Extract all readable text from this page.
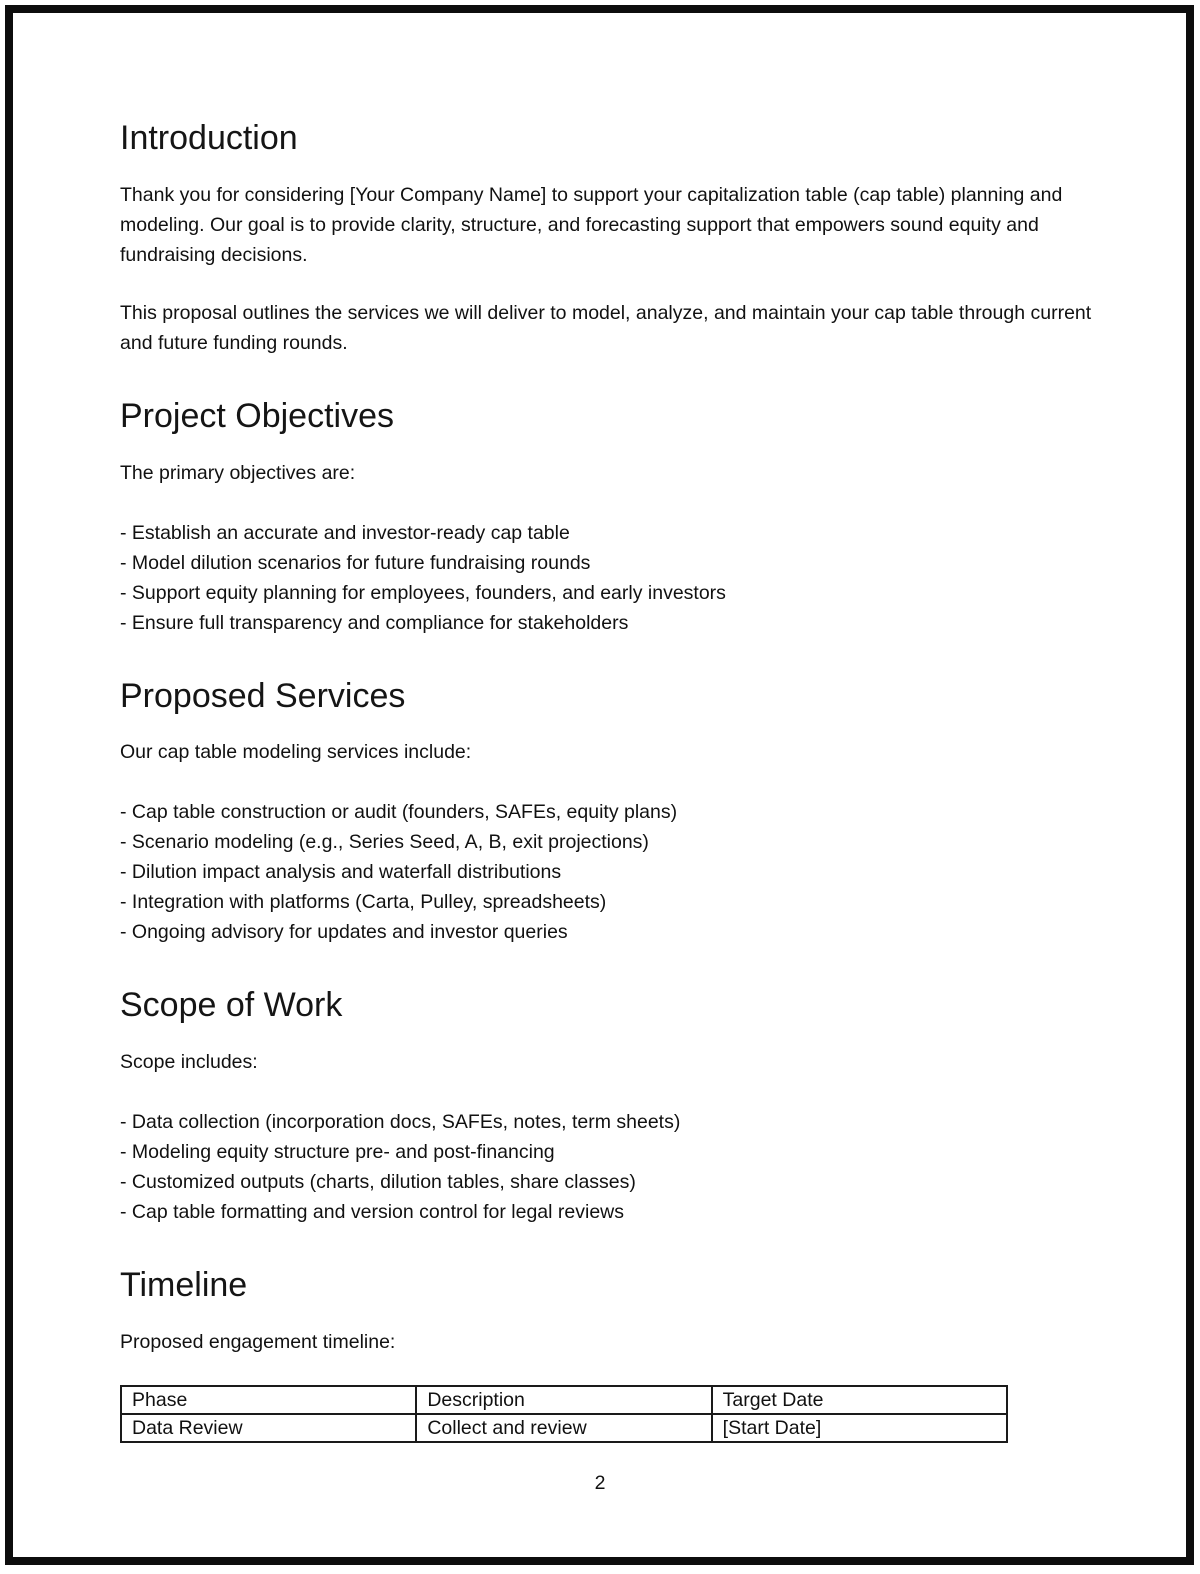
Introduction

Thank you for considering [Your Company Name] to support your capitalization table (cap table) planning and modeling. Our goal is to provide clarity, structure, and forecasting support that empowers sound equity and fundraising decisions.

This proposal outlines the services we will deliver to model, analyze, and maintain your cap table through current and future funding rounds.

Project Objectives

The primary objectives are:

- Establish an accurate and investor-ready cap table
- Model dilution scenarios for future fundraising rounds
- Support equity planning for employees, founders, and early investors
- Ensure full transparency and compliance for stakeholders
Proposed Services

Our cap table modeling services include:

- Cap table construction or audit (founders, SAFEs, equity plans)
- Scenario modeling (e.g., Series Seed, A, B, exit projections)
- Dilution impact analysis and waterfall distributions
- Integration with platforms (Carta, Pulley, spreadsheets)
- Ongoing advisory for updates and investor queries
Scope of Work

Scope includes:

- Data collection (incorporation docs, SAFEs, notes, term sheets)
- Modeling equity structure pre- and post-financing
- Customized outputs (charts, dilution tables, share classes)
- Cap table formatting and version control for legal reviews
Timeline

Proposed engagement timeline:

Phase	Description	Target Date
Data Review	Collect and review	[Start Date]
2
